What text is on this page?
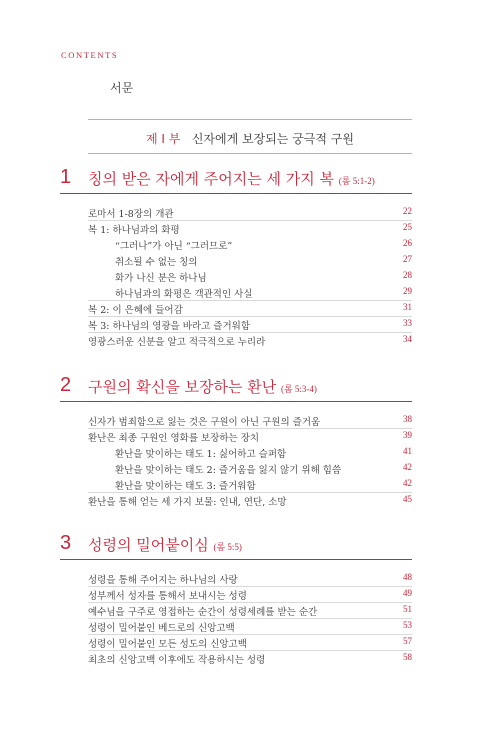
CONTENTS
서문
제 I 부 신자에게 보장되는 궁극적 구원
1 칭의 받은 자에게 주어지는 세 가지 복 (롬 5:1-2)
로마서 1-8장의 개관	22
복 1: 하나님과의 화평	25
“그러나”가 아닌 “그러므로”	26
취소될 수 없는 칭의	27
화가 나신 분은 하나님	28
하나님과의 화평은 객관적인 사실	29
복 2: 이 은혜에 들어감	31
복 3: 하나님의 영광을 바라고 즐거워함	33
영광스러운 신분을 알고 적극적으로 누리라	34
2 구원의 확신을 보장하는 환난 (롬 5:3-4)
신자가 범죄함으로 잃는 것은 구원이 아닌 구원의 즐거움	38
환난은 최종 구원인 영화를 보장하는 장치	39
환난을 맞이하는 태도 1: 싫어하고 슬퍼함	41
환난을 맞이하는 태도 2: 즐거움을 잃지 않기 위해 힘씀	42
환난을 맞이하는 태도 3: 즐거워함	42
환난을 통해 얻는 세 가지 보물: 인내, 연단, 소망	45
3 성령의 밀어붙이심 (롬 5:5)
성령을 통해 주어지는 하나님의 사랑	48
성부께서 성자를 통해서 보내시는 성령	49
예수님을 구주로 영접하는 순간이 성령세례를 받는 순간	51
성령이 밀어붙인 베드로의 신앙고백	53
성령이 밀어붙인 모든 성도의 신앙고백	57
최초의 신앙고백 이후에도 작용하시는 성령	58
